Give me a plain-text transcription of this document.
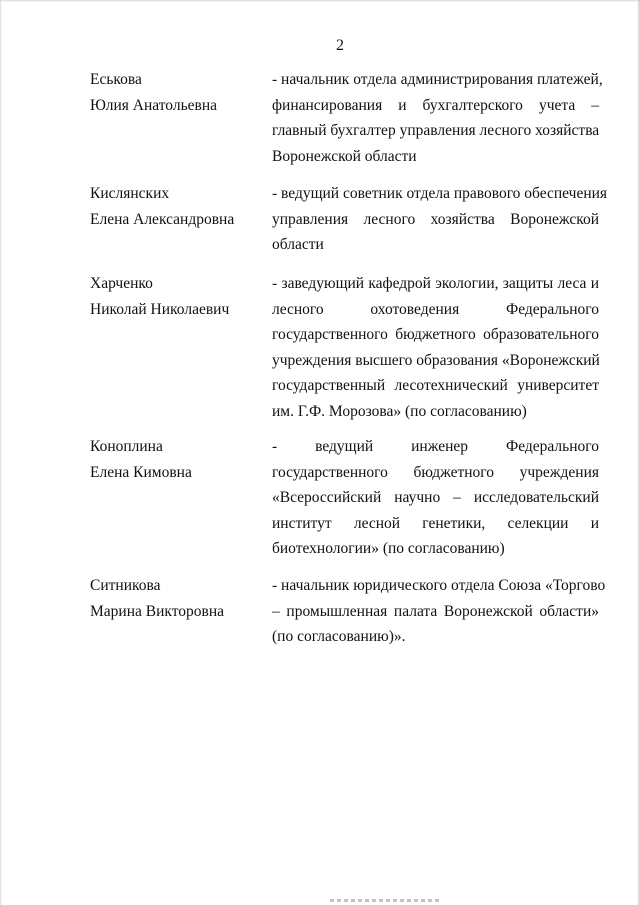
2
Еськова
Юлия Анатольевна
- начальник отдела администрирования платежей,
финансирования и бухгалтерского учета –
главный бухгалтер управления лесного хозяйства
Воронежской области
Кислянских
Елена Александровна
- ведущий советник отдела правового обеспечения
управления лесного хозяйства Воронежской
области
Харченко
Николай Николаевич
- заведующий кафедрой экологии, защиты леса и
лесного охотоведения Федерального
государственного бюджетного образовательного
учреждения высшего образования «Воронежский
государственный лесотехнический университет
им. Г.Ф. Морозова» (по согласованию)
Коноплина
Елена Кимовна
- ведущий инженер Федерального
государственного бюджетного учреждения
«Всероссийский научно – исследовательский
институт лесной генетики, селекции и
биотехнологии» (по согласованию)
Ситникова
Марина Викторовна
- начальник юридического отдела Союза «Торгово
– промышленная палата Воронежской области»
(по согласованию)».
